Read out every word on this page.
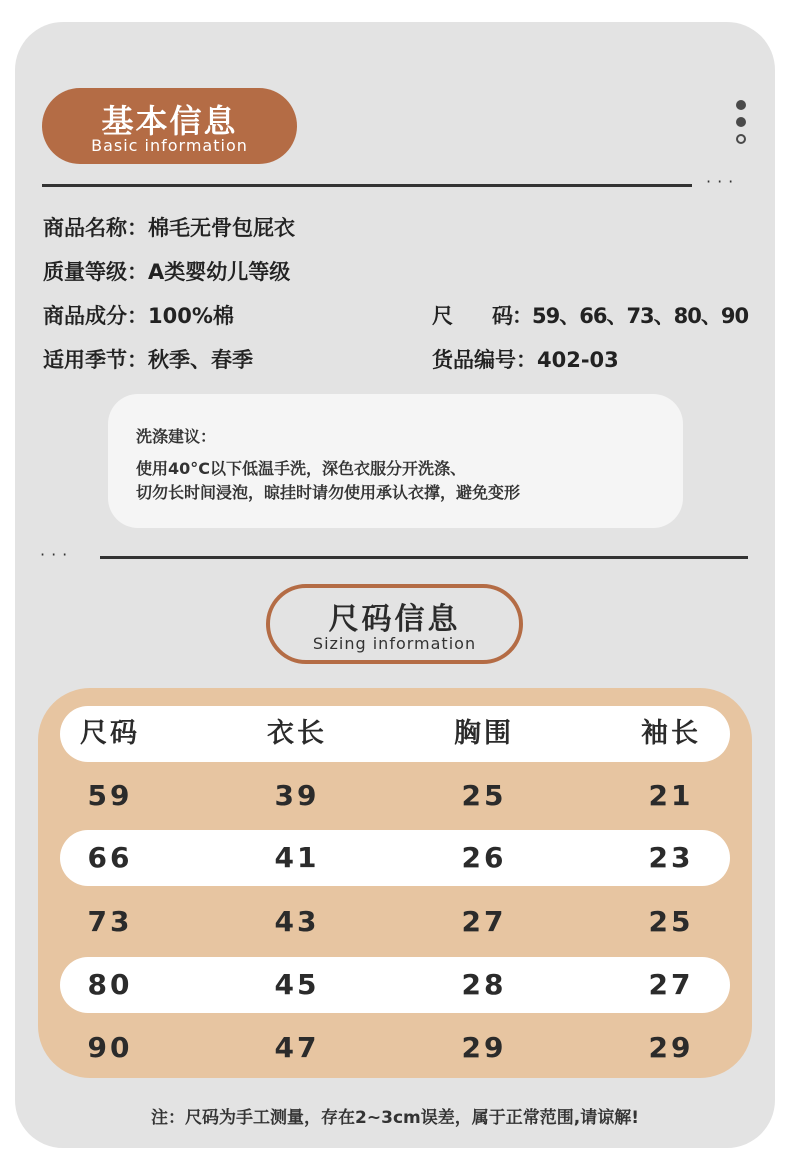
基本信息
Basic information
···
商品名称：棉毛无骨包屁衣
质量等级：A类婴幼儿等级
商品成分：100%棉	尺　　码：59、66、73、80、90
适用季节：秋季、春季	货品编号：402-03
洗涤建议：
使用40°C以下低温手洗，深色衣服分开洗涤、
切勿长时间浸泡，晾挂时请勿使用承认衣撑，避免变形
···
尺码信息
Sizing information
尺码	衣长	胸围	袖长
59	39	25	21
66	41	26	23
73	43	27	25
80	45	28	27
90	47	29	29
注：尺码为手工测量，存在2~3cm误差，属于正常范围,请谅解!
